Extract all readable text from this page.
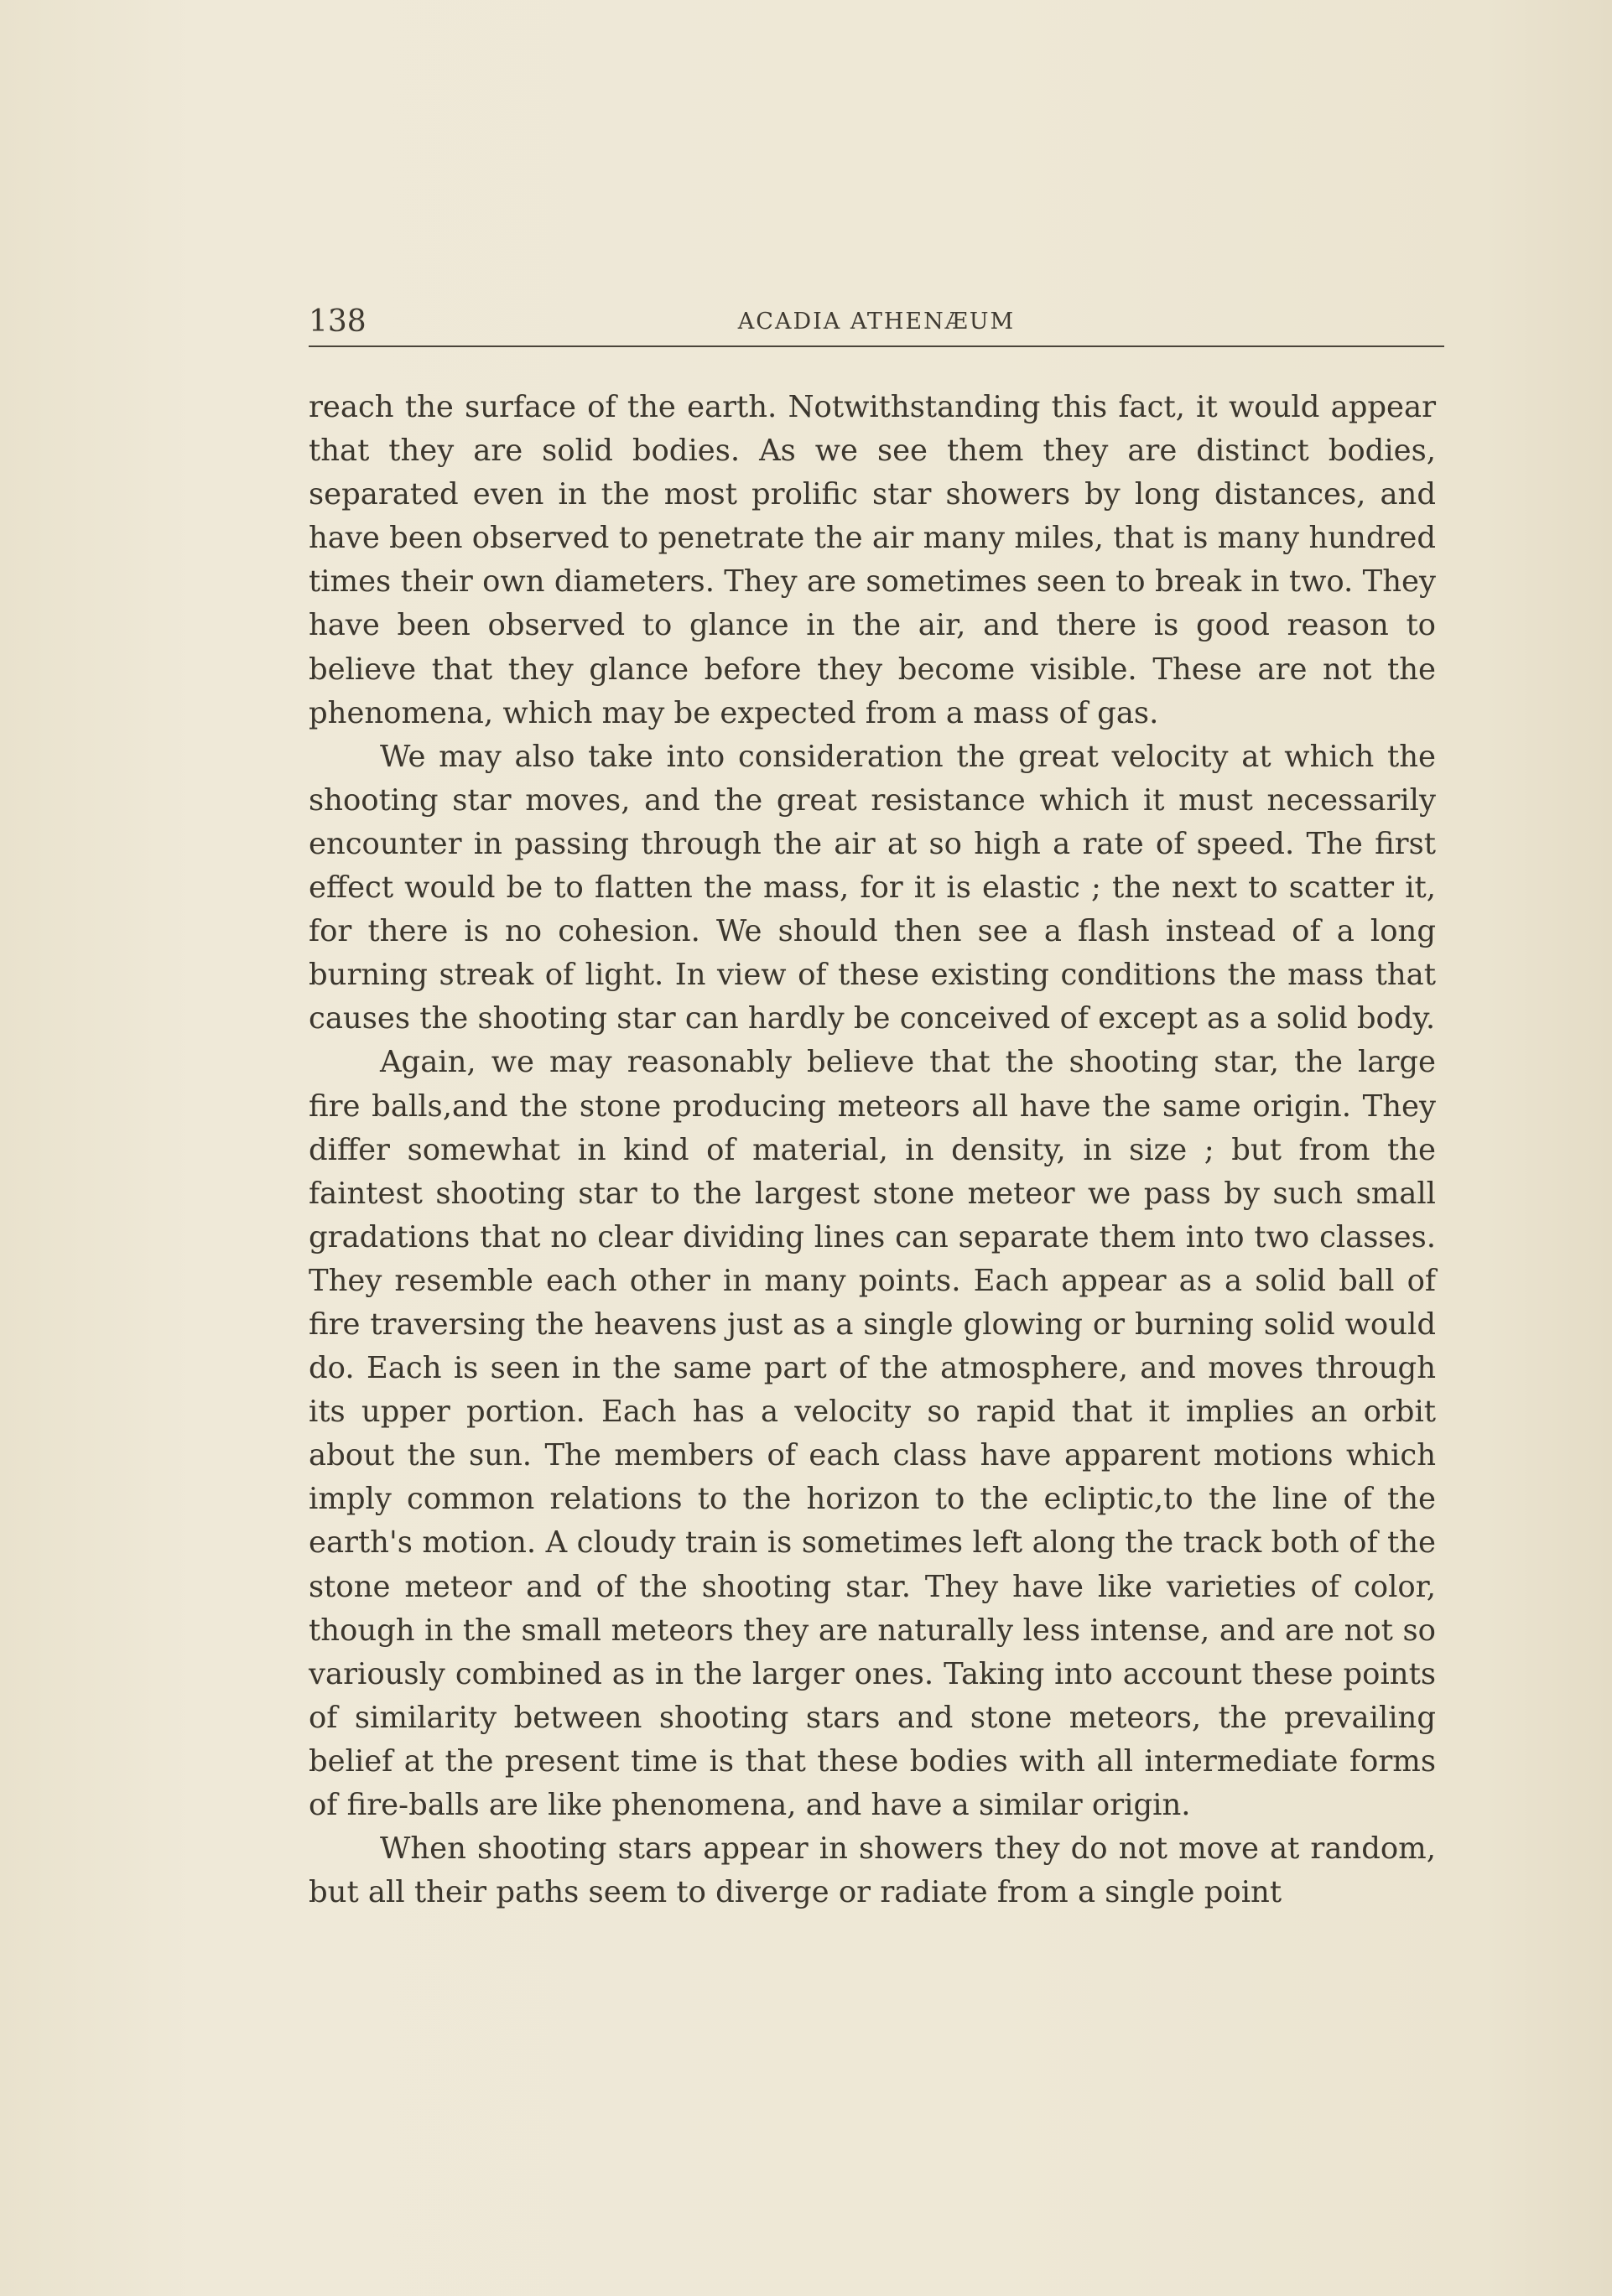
138	ACADIA ATHENÆUM

reach the surface of the earth. Notwithstanding this fact, it would appear that they are solid bodies. As we see them they are distinct bodies, separated even in the most prolific star showers by long distances, and have been observed to penetrate the air many miles, that is many hundred times their own diameters. They are sometimes seen to break in two. They have been observed to glance in the air, and there is good reason to believe that they glance before they become visible. These are not the phenomena, which may be expected from a mass of gas.

We may also take into consideration the great velocity at which the shooting star moves, and the great resistance which it must necessarily encounter in passing through the air at so high a rate of speed. The first effect would be to flatten the mass, for it is elastic ; the next to scatter it, for there is no cohesion. We should then see a flash instead of a long burning streak of light. In view of these existing conditions the mass that causes the shooting star can hardly be conceived of except as a solid body.

Again, we may reasonably believe that the shooting star, the large fire balls,and the stone producing meteors all have the same origin. They differ somewhat in kind of material, in density, in size ; but from the faintest shooting star to the largest stone meteor we pass by such small gradations that no clear dividing lines can separate them into two classes. They resemble each other in many points. Each appear as a solid ball of fire traversing the heavens just as a single glowing or burning solid would do. Each is seen in the same part of the atmosphere, and moves through its upper portion. Each has a velocity so rapid that it implies an orbit about the sun. The members of each class have apparent motions which imply common relations to the horizon to the ecliptic,to the line of the earth's motion. A cloudy train is sometimes left along the track both of the stone meteor and of the shooting star. They have like varieties of color, though in the small meteors they are naturally less intense, and are not so variously combined as in the larger ones. Taking into account these points of similarity between shooting stars and stone meteors, the prevailing belief at the present time is that these bodies with all intermediate forms of fire-balls are like phenomena, and have a similar origin.

When shooting stars appear in showers they do not move at random, but all their paths seem to diverge or radiate from a single point
